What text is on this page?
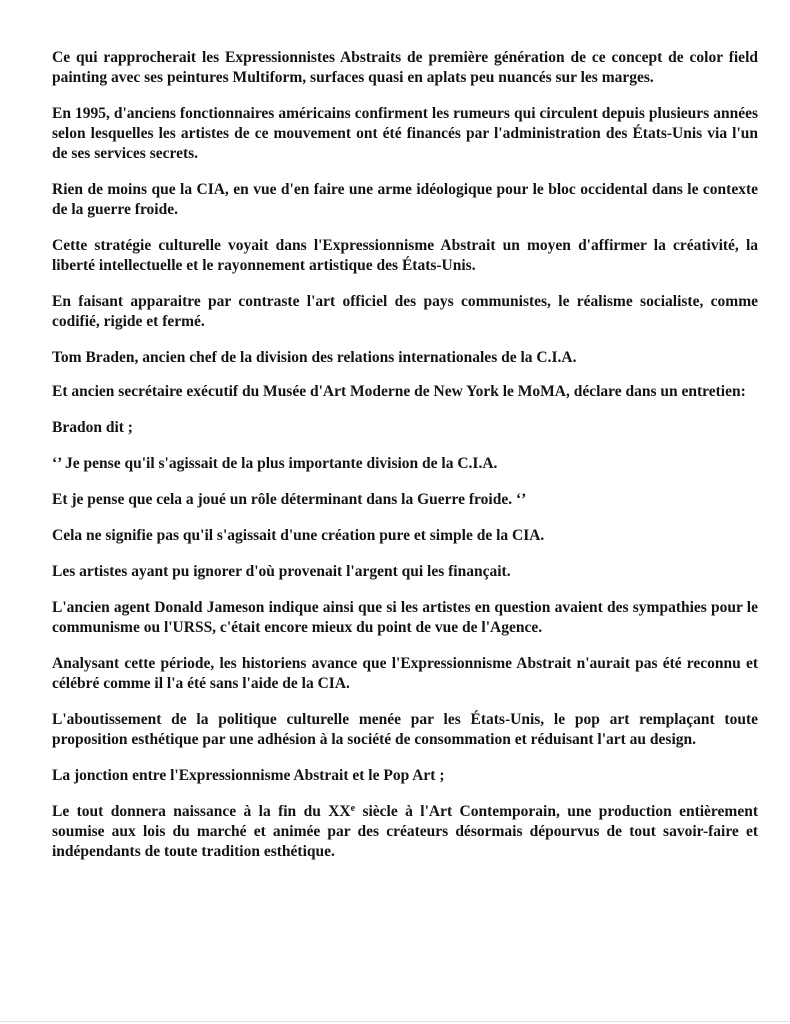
Ce qui rapprocherait les Expressionnistes Abstraits de première génération de ce concept de color field painting avec ses peintures Multiform, surfaces quasi en aplats peu nuancés sur les marges.

En 1995, d'anciens fonctionnaires américains confirment les rumeurs qui circulent depuis plusieurs années selon lesquelles les artistes de ce mouvement ont été financés par l'administration des États-Unis via l'un de ses services secrets.

Rien de moins que la CIA, en vue d'en faire une arme idéologique pour le bloc occidental dans le contexte de la guerre froide.

Cette stratégie culturelle voyait dans l'Expressionnisme Abstrait un moyen d'affirmer la créativité, la liberté intellectuelle et le rayonnement artistique des États-Unis.

En faisant apparaitre par contraste l'art officiel des pays communistes, le réalisme socialiste, comme codifié, rigide et fermé.

Tom Braden, ancien chef de la division des relations internationales de la C.I.A.

Et ancien secrétaire exécutif du Musée d'Art Moderne de New York le MoMA, déclare dans un entretien:

Bradon dit ;

‘’ Je pense qu'il s'agissait de la plus importante division de la C.I.A.

Et je pense que cela a joué un rôle déterminant dans la Guerre froide. ‘’

Cela ne signifie pas qu'il s'agissait d'une création pure et simple de la CIA.

Les artistes ayant pu ignorer d'où provenait l'argent qui les finançait.

L'ancien agent Donald Jameson indique ainsi que si les artistes en question avaient des sympathies pour le communisme ou l'URSS, c'était encore mieux du point de vue de l'Agence.

Analysant cette période, les historiens avance que l'Expressionnisme Abstrait n'aurait pas été reconnu et célébré comme il l'a été sans l'aide de la CIA.

L'aboutissement de la politique culturelle menée par les États-Unis, le pop art remplaçant toute proposition esthétique par une adhésion à la société de consommation et réduisant l'art au design.

La jonction entre l'Expressionnisme Abstrait et le Pop Art ;

Le tout donnera naissance à la fin du XXe siècle à l'Art Contemporain, une production entièrement soumise aux lois du marché et animée par des créateurs désormais dépourvus de tout savoir-faire et indépendants de toute tradition esthétique.
